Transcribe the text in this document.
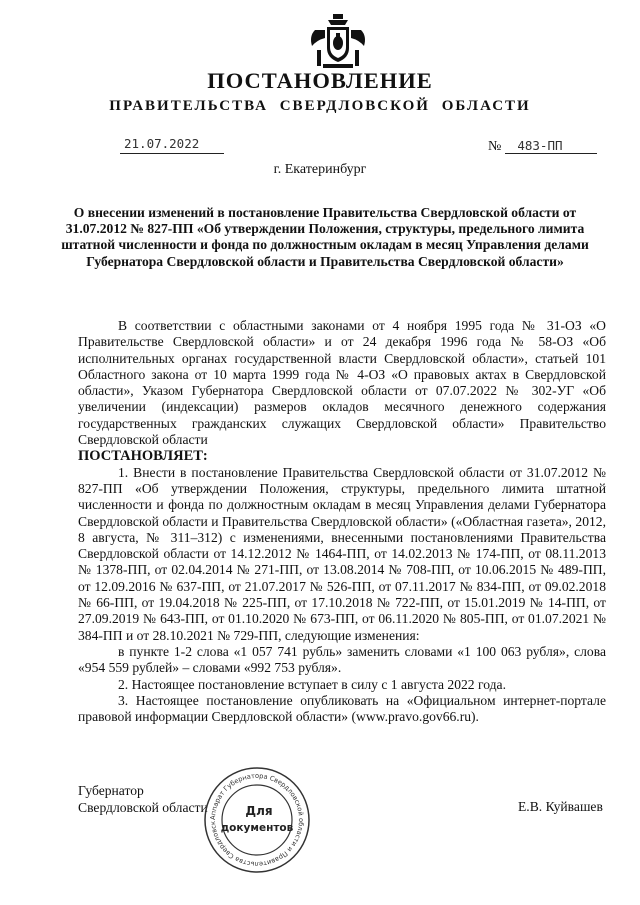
ПОСТАНОВЛЕНИЕ
ПРАВИТЕЛЬСТВА СВЕРДЛОВСКОЙ ОБЛАСТИ
21.07.2022	№ 483-ПП
г. Екатеринбург
О внесении изменений в постановление Правительства Свердловской области от 31.07.2012 № 827-ПП «Об утверждении Положения, структуры, предельного лимита штатной численности и фонда по должностным окладам в месяц Управления делами Губернатора Свердловской области и Правительства Свердловской области»

В соответствии с областными законами от 4 ноября 1995 года № 31-ОЗ «О Правительстве Свердловской области» и от 24 декабря 1996 года № 58-ОЗ «Об исполнительных органах государственной власти Свердловской области», статьей 101 Областного закона от 10 марта 1999 года № 4-ОЗ «О правовых актах в Свердловской области», Указом Губернатора Свердловской области от 07.07.2022 № 302-УГ «Об увеличении (индексации) размеров окладов месячного денежного содержания государственных гражданских служащих Свердловской области» Правительство Свердловской области

ПОСТАНОВЛЯЕТ:

1. Внести в постановление Правительства Свердловской области от 31.07.2012 № 827-ПП «Об утверждении Положения, структуры, предельного лимита штатной численности и фонда по должностным окладам в месяц Управления делами Губернатора Свердловской области и Правительства Свердловской области» («Областная газета», 2012, 8 августа, № 311–312) с изменениями, внесенными постановлениями Правительства Свердловской области от 14.12.2012 № 1464-ПП, от 14.02.2013 № 174-ПП, от 08.11.2013 № 1378-ПП, от 02.04.2014 № 271-ПП, от 13.08.2014 № 708-ПП, от 10.06.2015 № 489-ПП, от 12.09.2016 № 637-ПП, от 21.07.2017 № 526-ПП, от 07.11.2017 № 834-ПП, от 09.02.2018 № 66-ПП, от 19.04.2018 № 225-ПП, от 17.10.2018 № 722-ПП, от 15.01.2019 № 14-ПП, от 27.09.2019 № 643-ПП, от 01.10.2020 № 673-ПП, от 06.11.2020 № 805-ПП, от 01.07.2021 № 384-ПП и от 28.10.2021 № 729-ПП, следующие изменения:

в пункте 1-2 слова «1 057 741 рубль» заменить словами «1 100 063 рубля», слова «954 559 рублей» – словами «992 753 рубля».

2. Настоящее постановление вступает в силу с 1 августа 2022 года.

3. Настоящее постановление опубликовать на «Официальном интернет-портале правовой информации Свердловской области» (www.pravo.gov66.ru).

Губернатор
Свердловской области	Е.В. Куйвашев
Аппарат Губернатора Свердловской области и Правительства Свердловск
Для
документов
